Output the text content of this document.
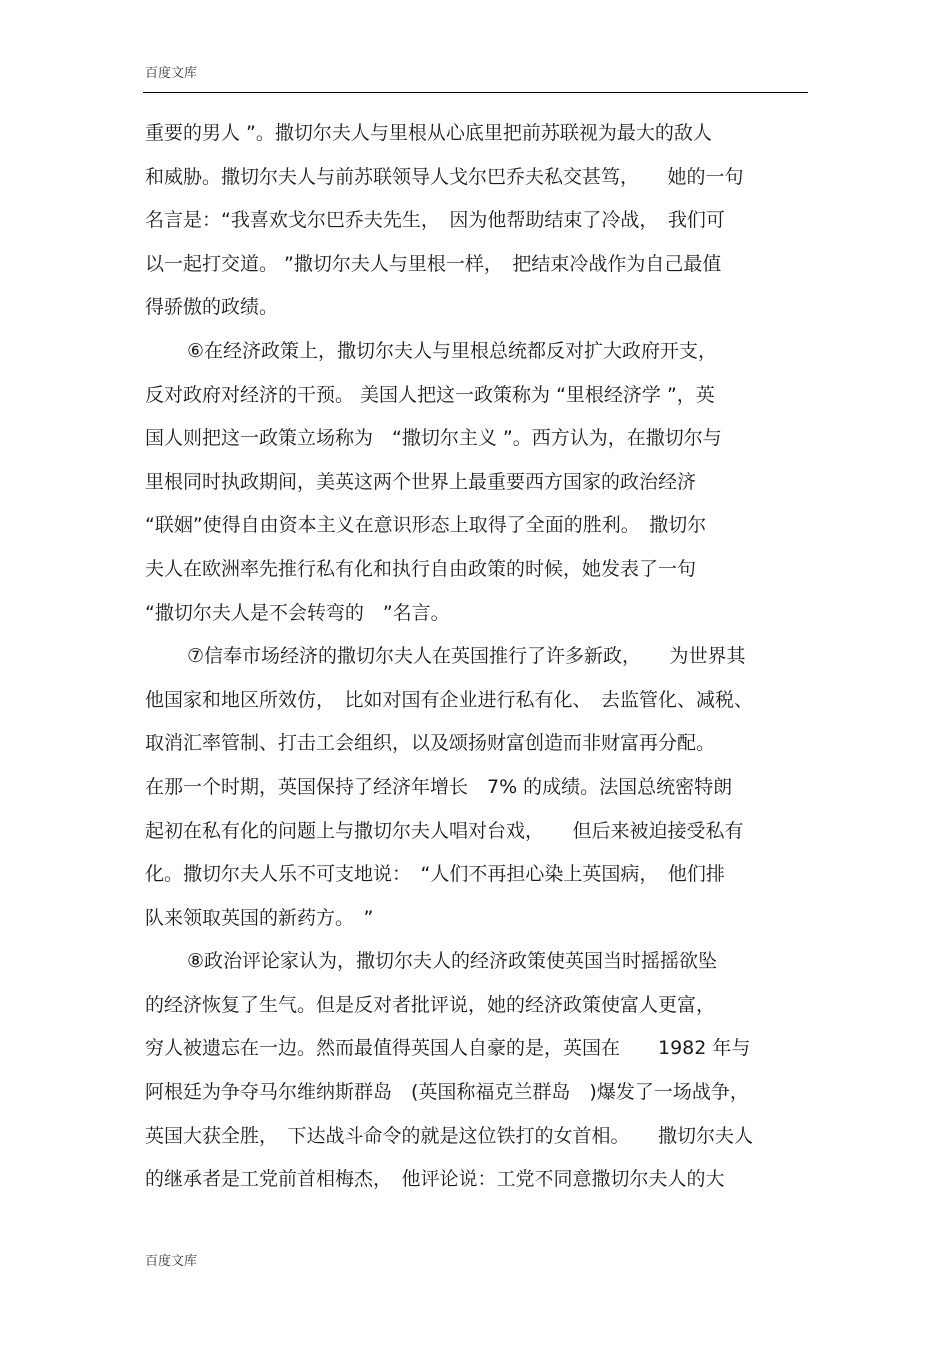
百度文库
重要的男人 ”。撒切尔夫人与里根从心底里把前苏联视为最大的敌人
和威胁。撒切尔夫人与前苏联领导人戈尔巴乔夫私交甚笃，　　她的一句
名言是：“我喜欢戈尔巴乔夫先生，　因为他帮助结束了冷战，　我们可
以一起打交道。 ”撒切尔夫人与里根一样，　把结束冷战作为自己最值
得骄傲的政绩。
⑥在经济政策上，撒切尔夫人与里根总统都反对扩大政府开支，
反对政府对经济的干预。 美国人把这一政策称为 “里根经济学 ”，英
国人则把这一政策立场称为　“撒切尔主义 ”。西方认为，在撒切尔与
里根同时执政期间，美英这两个世界上最重要西方国家的政治经济
“联姻”使得自由资本主义在意识形态上取得了全面的胜利。　撒切尔
夫人在欧洲率先推行私有化和执行自由政策的时候，她发表了一句
“撒切尔夫人是不会转弯的　”名言。
⑦信奉市场经济的撒切尔夫人在英国推行了许多新政，　　为世界其
他国家和地区所效仿，　比如对国有企业进行私有化、　去监管化、减税、
取消汇率管制、打击工会组织，以及颂扬财富创造而非财富再分配。
在那一个时期，英国保持了经济年增长　7% 的成绩。法国总统密特朗
起初在私有化的问题上与撒切尔夫人唱对台戏，　　但后来被迫接受私有
化。撒切尔夫人乐不可支地说：　“人们不再担心染上英国病，　他们排
队来领取英国的新药方。　”
⑧政治评论家认为，撒切尔夫人的经济政策使英国当时摇摇欲坠
的经济恢复了生气。但是反对者批评说，她的经济政策使富人更富，
穷人被遗忘在一边。然而最值得英国人自豪的是，英国在　　1982 年与
阿根廷为争夺马尔维纳斯群岛　(英国称福克兰群岛　)爆发了一场战争，
英国大获全胜，　下达战斗命令的就是这位铁打的女首相。　　撒切尔夫人
的继承者是工党前首相梅杰，　他评论说：工党不同意撒切尔夫人的大
百度文库
